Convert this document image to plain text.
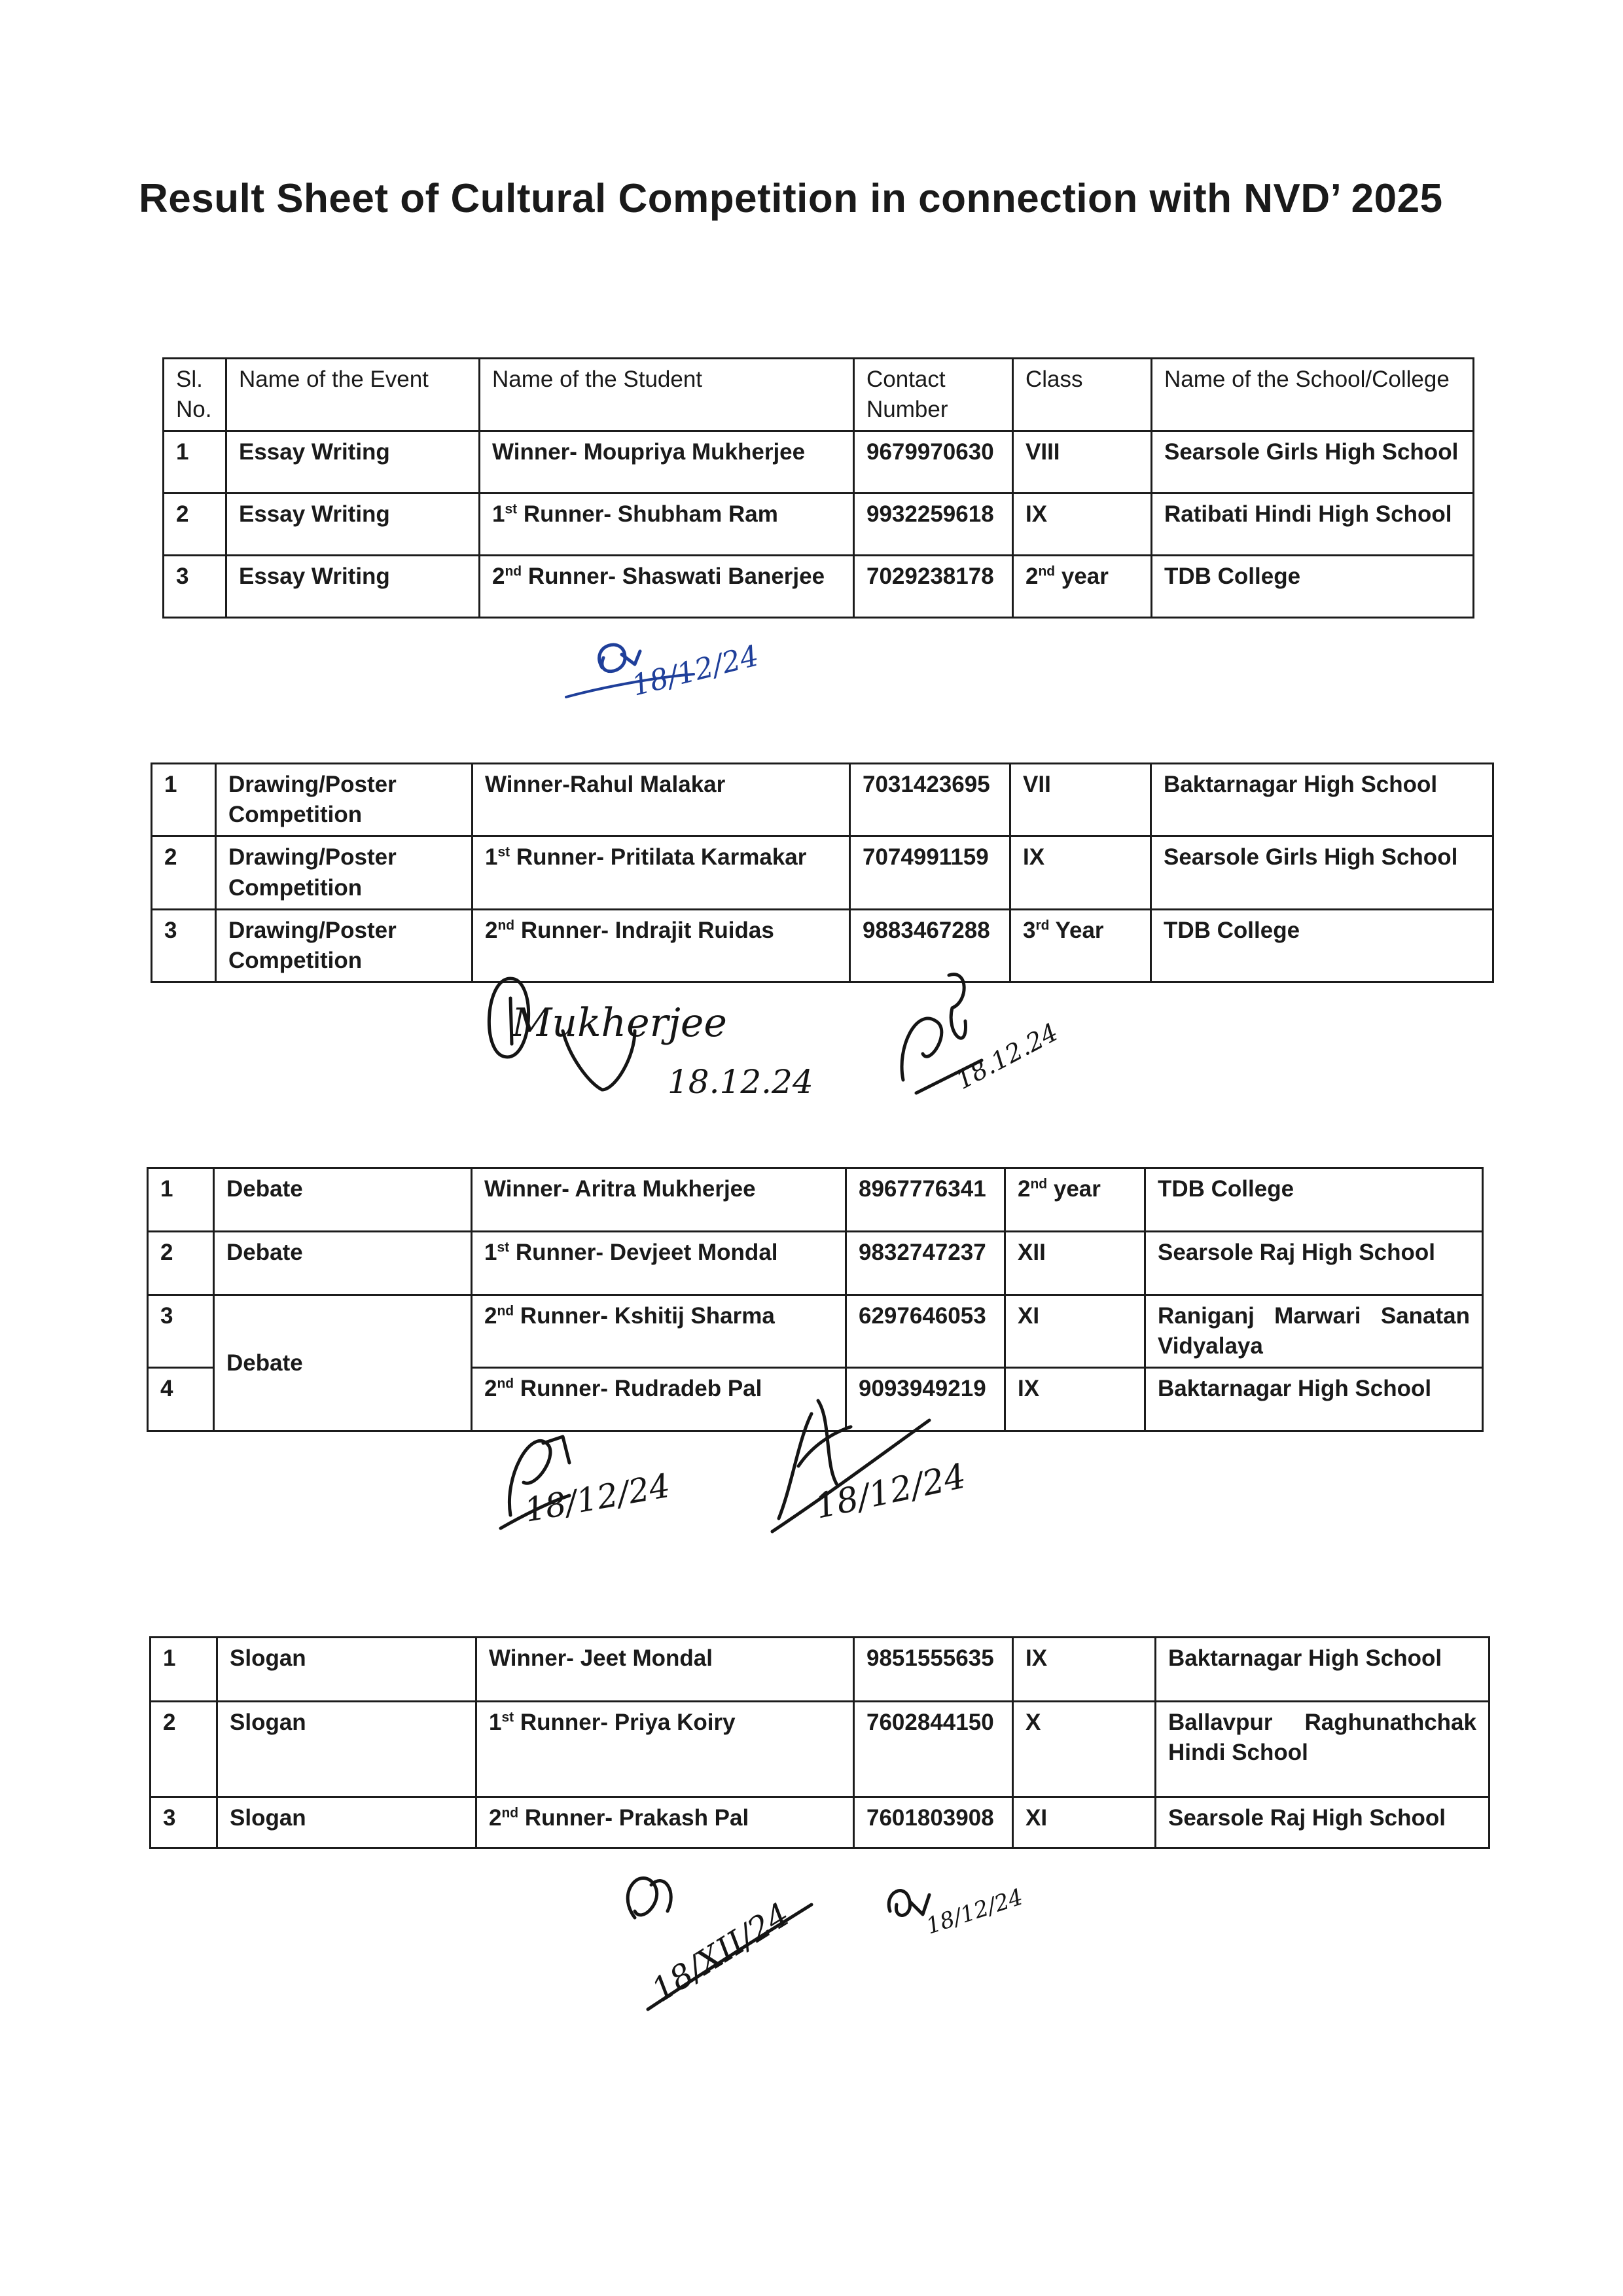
Result Sheet of Cultural Competition in connection with NVD’ 2025
Sl. No.	Name of the Event	Name of the Student	Contact Number	Class	Name of the School/College
1	Essay Writing	Winner- Moupriya Mukherjee	9679970630	VIII	Searsole Girls High School
2	Essay Writing	1st Runner- Shubham Ram	9932259618	IX	Ratibati Hindi High School
3	Essay Writing	2nd Runner- Shaswati Banerjee	7029238178	2nd year	TDB College
18/12/24
1	Drawing/Poster Competition	Winner-Rahul Malakar	7031423695	VII	Baktarnagar High School
2	Drawing/Poster Competition	1st Runner- Pritilata Karmakar	7074991159	IX	Searsole Girls High School
3	Drawing/Poster Competition	2nd Runner- Indrajit Ruidas	9883467288	3rd Year	TDB College
Mukherjee
18.12.24	18.12.24
1	Debate	Winner- Aritra Mukherjee	8967776341	2nd year	TDB College
2	Debate	1st Runner- Devjeet Mondal	9832747237	XII	Searsole Raj High School
3	Debate	2nd Runner- Kshitij Sharma	6297646053	XI	Raniganj Marwari Sanatan Vidyalaya
4		2nd Runner- Rudradeb Pal	9093949219	IX	Baktarnagar High School
18/12/24	18/12/24
1	Slogan	Winner- Jeet Mondal	9851555635	IX	Baktarnagar High School
2	Slogan	1st Runner- Priya Koiry	7602844150	X	Ballavpur Raghunathchak Hindi School
3	Slogan	2nd Runner- Prakash Pal	7601803908	XI	Searsole Raj High School
18/XII/24	18/12/24
